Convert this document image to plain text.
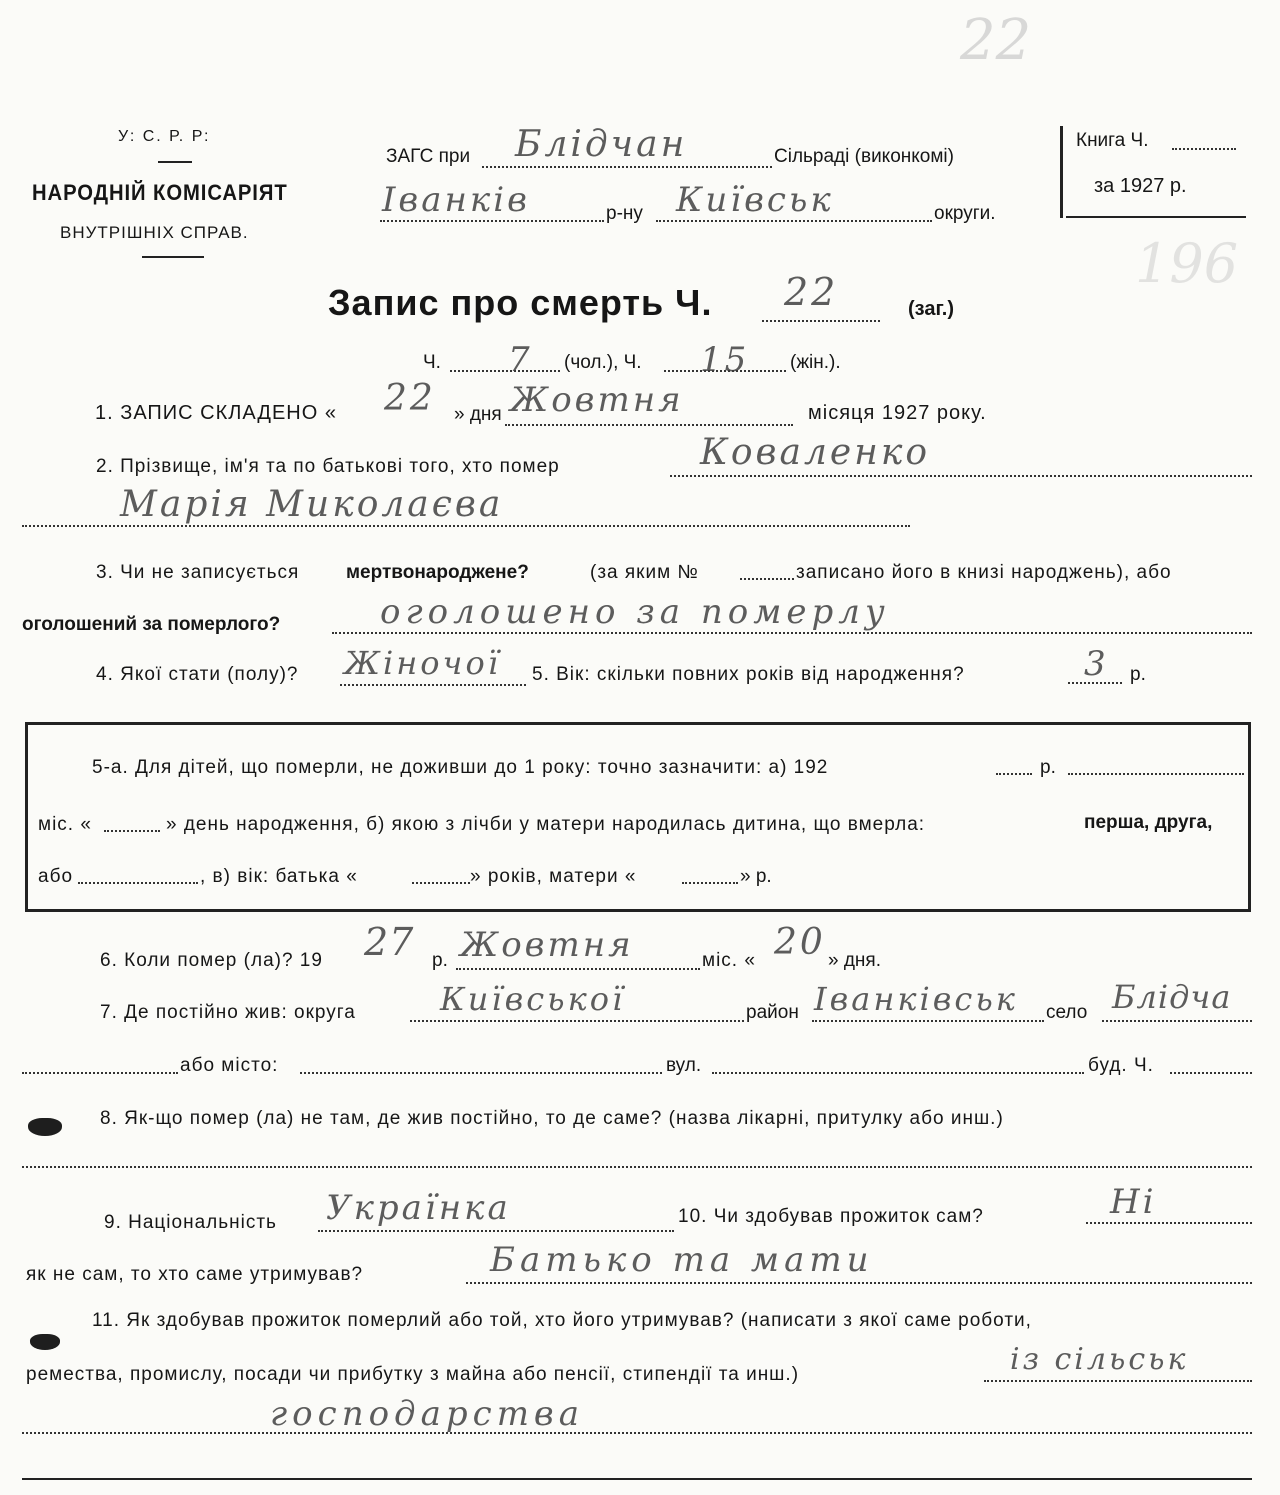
22
196
У: С. Р. Р:
НАРОДНІЙ КОМІСАРІЯТ
ВНУТРІШНІХ СПРАВ.
ЗАГС при Блідчан	Сільраді (виконкомі)
Іванків	р-ну Київськ	округи.
Книга Ч.
за 1927 р.
Запис про смерть Ч. 22	(заг.)
Ч. 7 (чол.), Ч. 15 (жін.).
1. ЗАПИС СКЛАДЕНО « 22 » дня Жовтня	місяця 1927 року.
2. Прізвище, ім'я та по батькові того, хто помер	Коваленко
Марія Миколаєва
3. Чи не записується мертвонароджене?	(за яким №	записано його в книзі народжень), або
оголошений за померлого?	оголошено за померлу
4. Якої стати (полу)? Жіночої 5. Вік: скільки повних років від народження?	3 р.
5-а. Для дітей, що померли, не доживши до 1 року: точно зазначити: а) 192	р.
міс. «	» день народження, б) якою з лічби у матери народилась дитина, що вмерла:	перша, друга,
або	, в) вік: батька «	» років, матери «	» р.
6. Коли помер (ла)? 19 27 р. Жовтня	міс. « 20 » дня.
7. Де постійно жив: округа	Київської	район Іванківськ село Блідча
або місто:	вул.	буд. Ч.
8. Як-що помер (ла) не там, де жив постійно, то де саме? (назва лікарні, притулку або инш.)
9. Національність Українка	10. Чи здобував прожиток сам?	Ні
як не сам, то хто саме утримував?	Батько та мати
11. Як здобував прожиток померлий або той, хто його утримував? (написати з якої саме роботи,
ремества, промислу, посади чи прибутку з майна або пенсії, стипендії та инш.)	із сільськ
господарства
